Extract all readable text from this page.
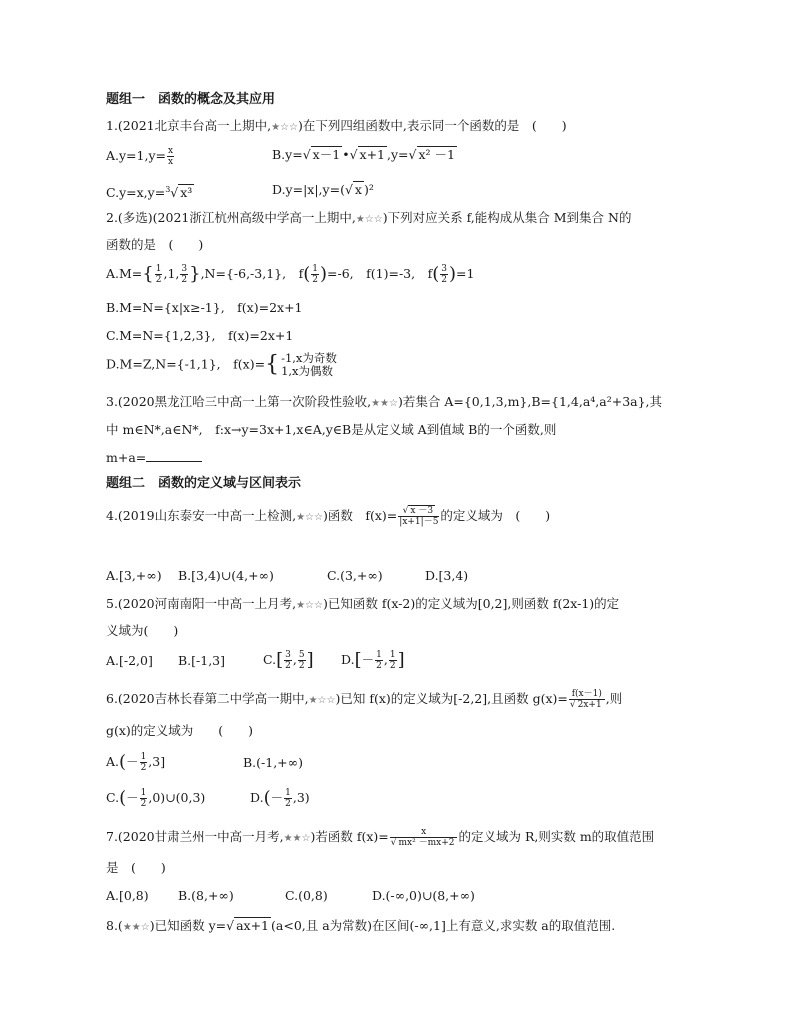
题组一　函数的概念及其应用
1.(2021北京丰台高一上期中,★☆☆)在下列四组函数中,表示同一个函数的是　(　　)
$A.y=1,y= \frac{x}{x}$	B.y=√ x－1 •√ x+1 ,y=√ x² －1
C.y=x,y=$^3$√ x³	D.y=|x|,y=(√ x )²
2.(多选)(2021浙江杭州高级中学高一上期中,★☆☆)下列对应关系 f,能构成从集合 M到集合 N的
函数的是　(　　)
$A.M=\{ \frac{1}{2} ,1$, $\frac{3}{2} \},N=\{-6,-3,1\}$,　$f( \frac{1}{2} )=-6$,　f(1)=-3,　$f( \frac{3}{2} )=1$
B.M=N={x|x≥-1},　f(x)=2x+1
C.M=N={1,2,3},　f(x)=2x+1
D.M=Z,N={-1,1},　f(x)={ -1,x为奇数
1,x为偶数
3.(2020黑龙江哈三中高一上第一次阶段性验收,★★☆)若集合 A={0,1,3,m},B={1,4,a⁴,a²+3a},其
中 m∈N*,a∈N*,　f:x→y=3x+1,x∈A,y∈B是从定义域 A到值域 B的一个函数,则
m+a=
题组二　函数的定义域与区间表示
4.(2019山东泰安一中高一上检测,★☆☆)函数　$f(x)= \frac{√ x -3}{|x+1|-5}$ 的定义域为　(　　)
A.[3,+∞) B.[3,4)∪(4,+∞)	C.(3,+∞)	D.[3,4)
5.(2020河南南阳一中高一上月考,★☆☆)已知函数 f(x-2)的定义域为[0,2],则函数 f(2x-1)的定
义域为(　　)
A.[-2,0] B.[-1,3]	$C.[ \frac{3}{2}$ , $\frac{5}{2}$ ] $D.[- \frac{1}{2}$ , $\frac{1}{2}$ ]
6.(2020吉林长春第二中学高一期中,★☆☆)已知 f(x)的定义域为[-2,2],且函数 $g(x)= \frac{f(x-1)}{√ 2x+1}$ ,则
g(x)的定义域为　　(　　)
$A.(- \frac{1}{2} ,3]$	B.(-1,+∞)
$C.(- \frac{1}{2}$ ,0)∪(0,3)	$D.(- \frac{1}{2} ,3)$
7.(2020甘肃兰州一中高一月考,★★☆)若函数 $f(x)= \frac{x}{\text{√ mx² －mx+2}}$ 的定义域为 R,则实数 m的取值范围
是　(　　)
A.[0,8) B.(8,+∞)	C.(0,8)	D.(-∞,0)∪(8,+∞)
8.(★★☆)已知函数 y=√ ax+1 (a<0,且 a为常数)在区间(-∞,1]上有意义,求实数 a的取值范围.
